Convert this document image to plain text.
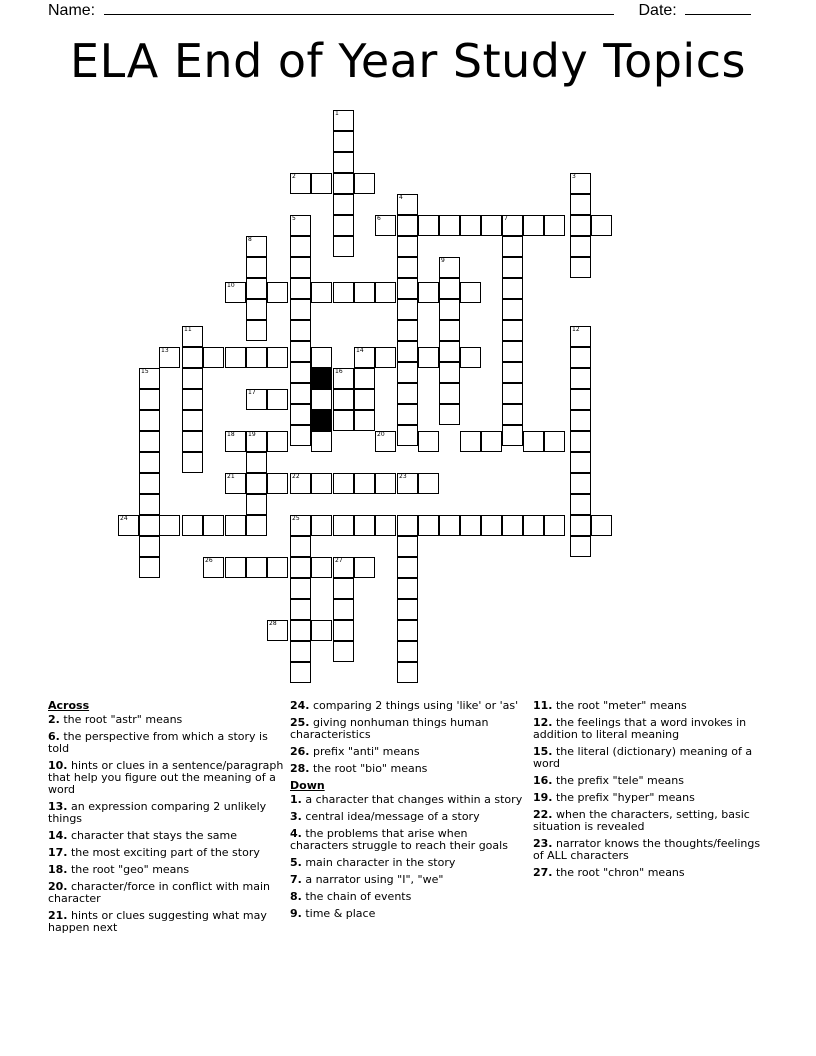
Name:	Date:
ELA End of Year Study Topics
1
2	3
4
5	6	7
8
9
10
11	12
13	14
15	16
17
18 19	20
21	22	23
24	25
26	27
28
Across
2. the root "astr" means
6. the perspective from which a story is told
10. hints or clues in a sentence/paragraph that help you figure out the meaning of a word
13. an expression comparing 2 unlikely things
14. character that stays the same
17. the most exciting part of the story
18. the root "geo" means
20. character/force in conflict with main character
21. hints or clues suggesting what may happen next
24. comparing 2 things using 'like' or 'as'
25. giving nonhuman things human characteristics
26. prefix "anti" means
28. the root "bio" means
Down
1. a character that changes within a story
3. central idea/message of a story
4. the problems that arise when characters struggle to reach their goals
5. main character in the story
7. a narrator using "I", "we"
8. the chain of events
9. time & place
11. the root "meter" means
12. the feelings that a word invokes in addition to literal meaning
15. the literal (dictionary) meaning of a word
16. the prefix "tele" means
19. the prefix "hyper" means
22. when the characters, setting, basic situation is revealed
23. narrator knows the thoughts/feelings of ALL characters
27. the root "chron" means
